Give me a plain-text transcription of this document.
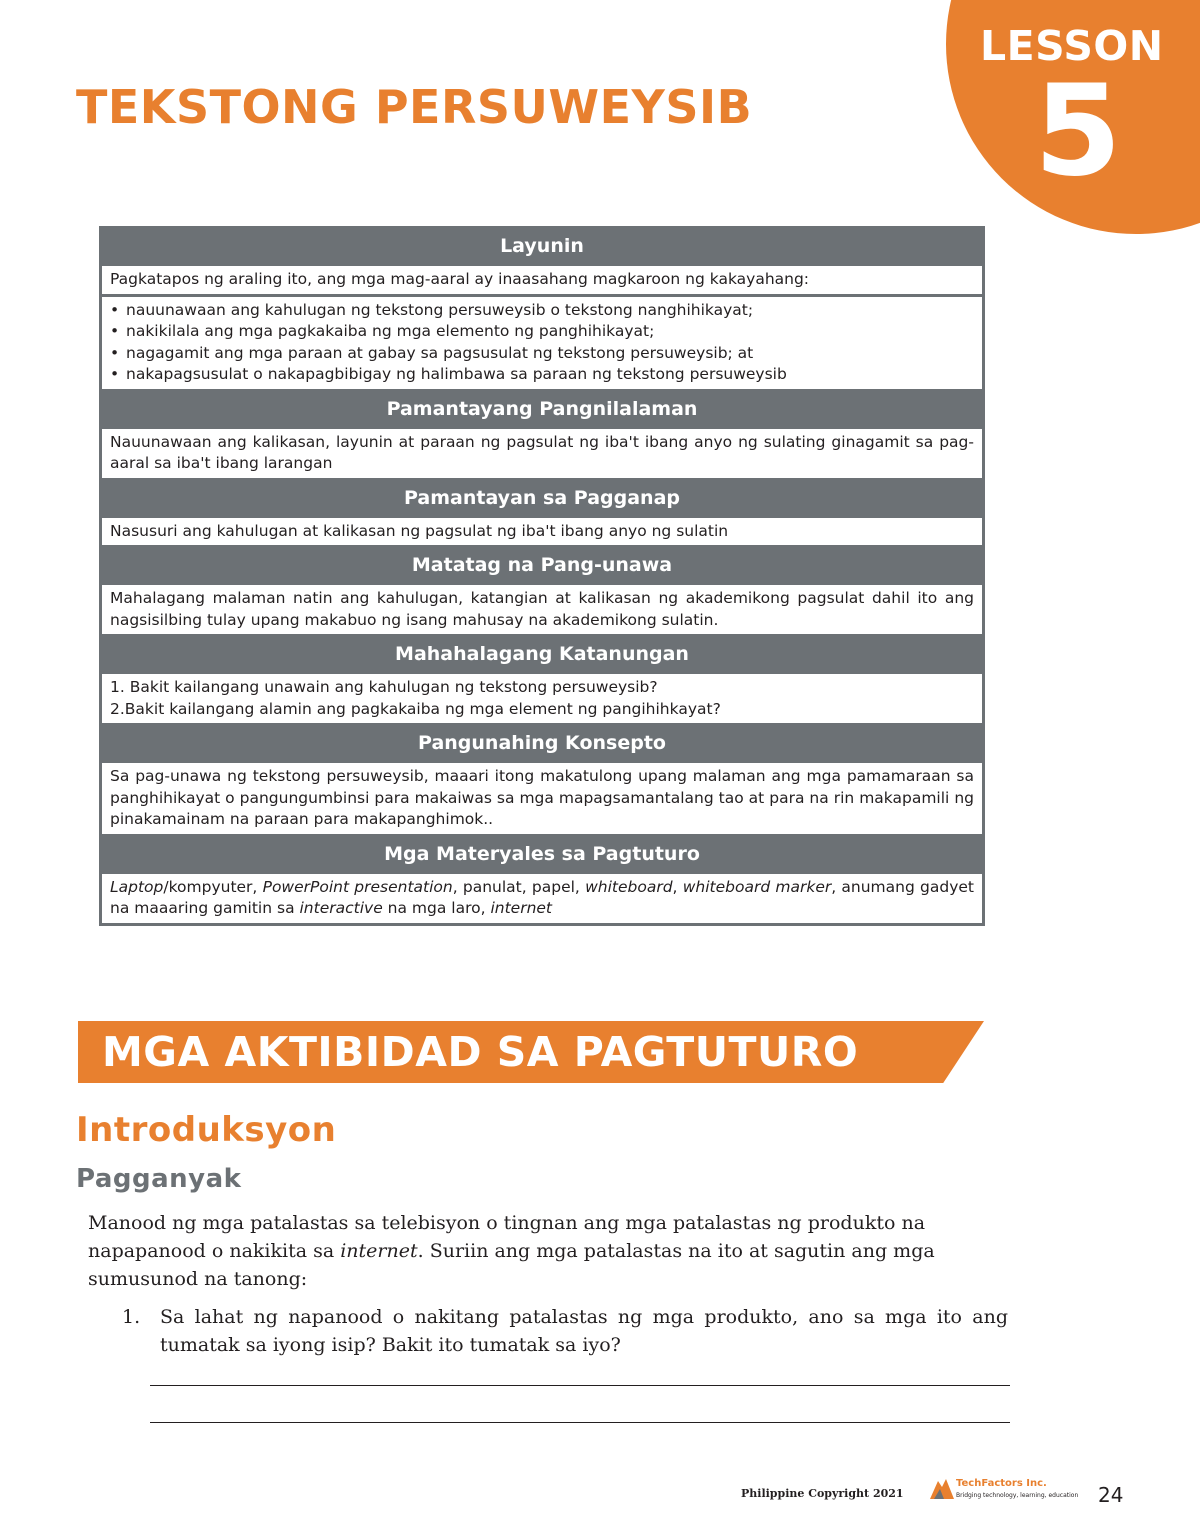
LESSON
5
TEKSTONG PERSUWEYSIB
Layunin
Pagkatapos ng araling ito, ang mga mag-aaral ay inaasahang magkaroon ng kakayahang:
• nauunawaan ang kahulugan ng tekstong persuweysib o tekstong nanghihikayat;
• nakikilala ang mga pagkakaiba ng mga elemento ng panghihikayat;
• nagagamit ang mga paraan at gabay sa pagsusulat ng tekstong persuweysib; at
• nakapagsusulat o nakapagbibigay ng halimbawa sa paraan ng tekstong persuweysib
Pamantayang Pangnilalaman
Nauunawaan ang kalikasan, layunin at paraan ng pagsulat ng iba't ibang anyo ng sulating ginagamit sa pag-aaral sa iba't ibang larangan
Pamantayan sa Pagganap
Nasusuri ang kahulugan at kalikasan ng pagsulat ng iba't ibang anyo ng sulatin
Matatag na Pang-unawa
Mahalagang malaman natin ang kahulugan, katangian at kalikasan ng akademikong pagsulat dahil ito ang nagsisilbing tulay upang makabuo ng isang mahusay na akademikong sulatin.
Mahahalagang Katanungan
1. Bakit kailangang unawain ang kahulugan ng tekstong persuweysib?
2.Bakit kailangang alamin ang pagkakaiba ng mga element ng pangihihkayat?
Pangunahing Konsepto
Sa pag-unawa ng tekstong persuweysib, maaari itong makatulong upang malaman ang mga pamamaraan sa panghihikayat o pangungumbinsi para makaiwas sa mga mapagsamantalang tao at para na rin makapamili ng pinakamainam na paraan para makapanghimok..
Mga Materyales sa Pagtuturo
Laptop/kompyuter, PowerPoint presentation, panulat, papel, whiteboard, whiteboard marker, anumang gadyet na maaaring gamitin sa interactive na mga laro, internet
MGA AKTIBIDAD SA PAGTUTURO
Introduksyon
Pagganyak

Manood ng mga patalastas sa telebisyon o tingnan ang mga patalastas ng produkto na napapanood o nakikita sa internet. Suriin ang mga patalastas na ito at sagutin ang mga sumusunod na tanong:

1. Sa lahat ng napanood o nakitang patalastas ng mga produkto, ano sa mga ito ang tumatak sa iyong isip? Bakit ito tumatak sa iyo?

Philippine Copyright 2021
TechFactors Inc.
Bridging technology, learning, education 24
